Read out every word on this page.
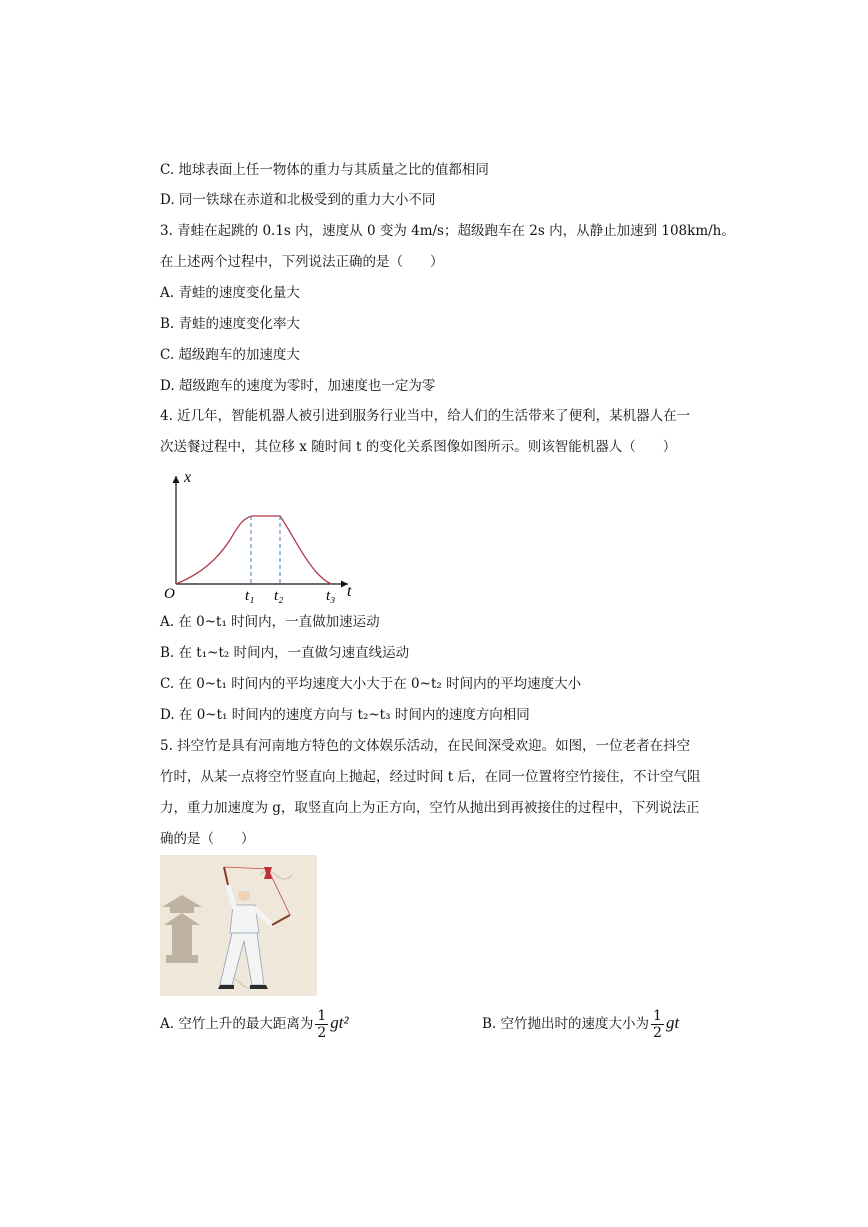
C. 地球表面上任一物体的重力与其质量之比的值都相同
D. 同一铁球在赤道和北极受到的重力大小不同
3. 青蛙在起跳的 0.1s 内，速度从 0 变为 4m/s；超级跑车在 2s 内，从静止加速到 108km/h。
在上述两个过程中，下列说法正确的是（　　）
A. 青蛙的速度变化量大
B. 青蛙的速度变化率大
C. 超级跑车的加速度大
D. 超级跑车的速度为零时，加速度也一定为零
4. 近几年，智能机器人被引进到服务行业当中，给人们的生活带来了便利，某机器人在一
次送餐过程中，其位移 x 随时间 t 的变化关系图像如图所示。则该智能机器人（　　）
A. 在 0~t₁ 时间内，一直做加速运动
B. 在 t₁~t₂ 时间内，一直做匀速直线运动
C. 在 0~t₁ 时间内的平均速度大小大于在 0~t₂ 时间内的平均速度大小
D. 在 0~t₁ 时间内的速度方向与 t₂~t₃ 时间内的速度方向相同
5. 抖空竹是具有河南地方特色的文体娱乐活动，在民间深受欢迎。如图，一位老者在抖空
竹时，从某一点将空竹竖直向上抛起，经过时间 t 后，在同一位置将空竹接住，不计空气阻
力，重力加速度为 g，取竖直向上为正方向，空竹从抛出到再被接住的过程中，下列说法正
确的是（　　）
x
t
O	t₁ t₂	t₃
A. 空竹上升的最大距离为 $\frac{1}{2} gt^2$	B. 空竹抛出时的速度大小为 $\frac{1}{2}$ gt
